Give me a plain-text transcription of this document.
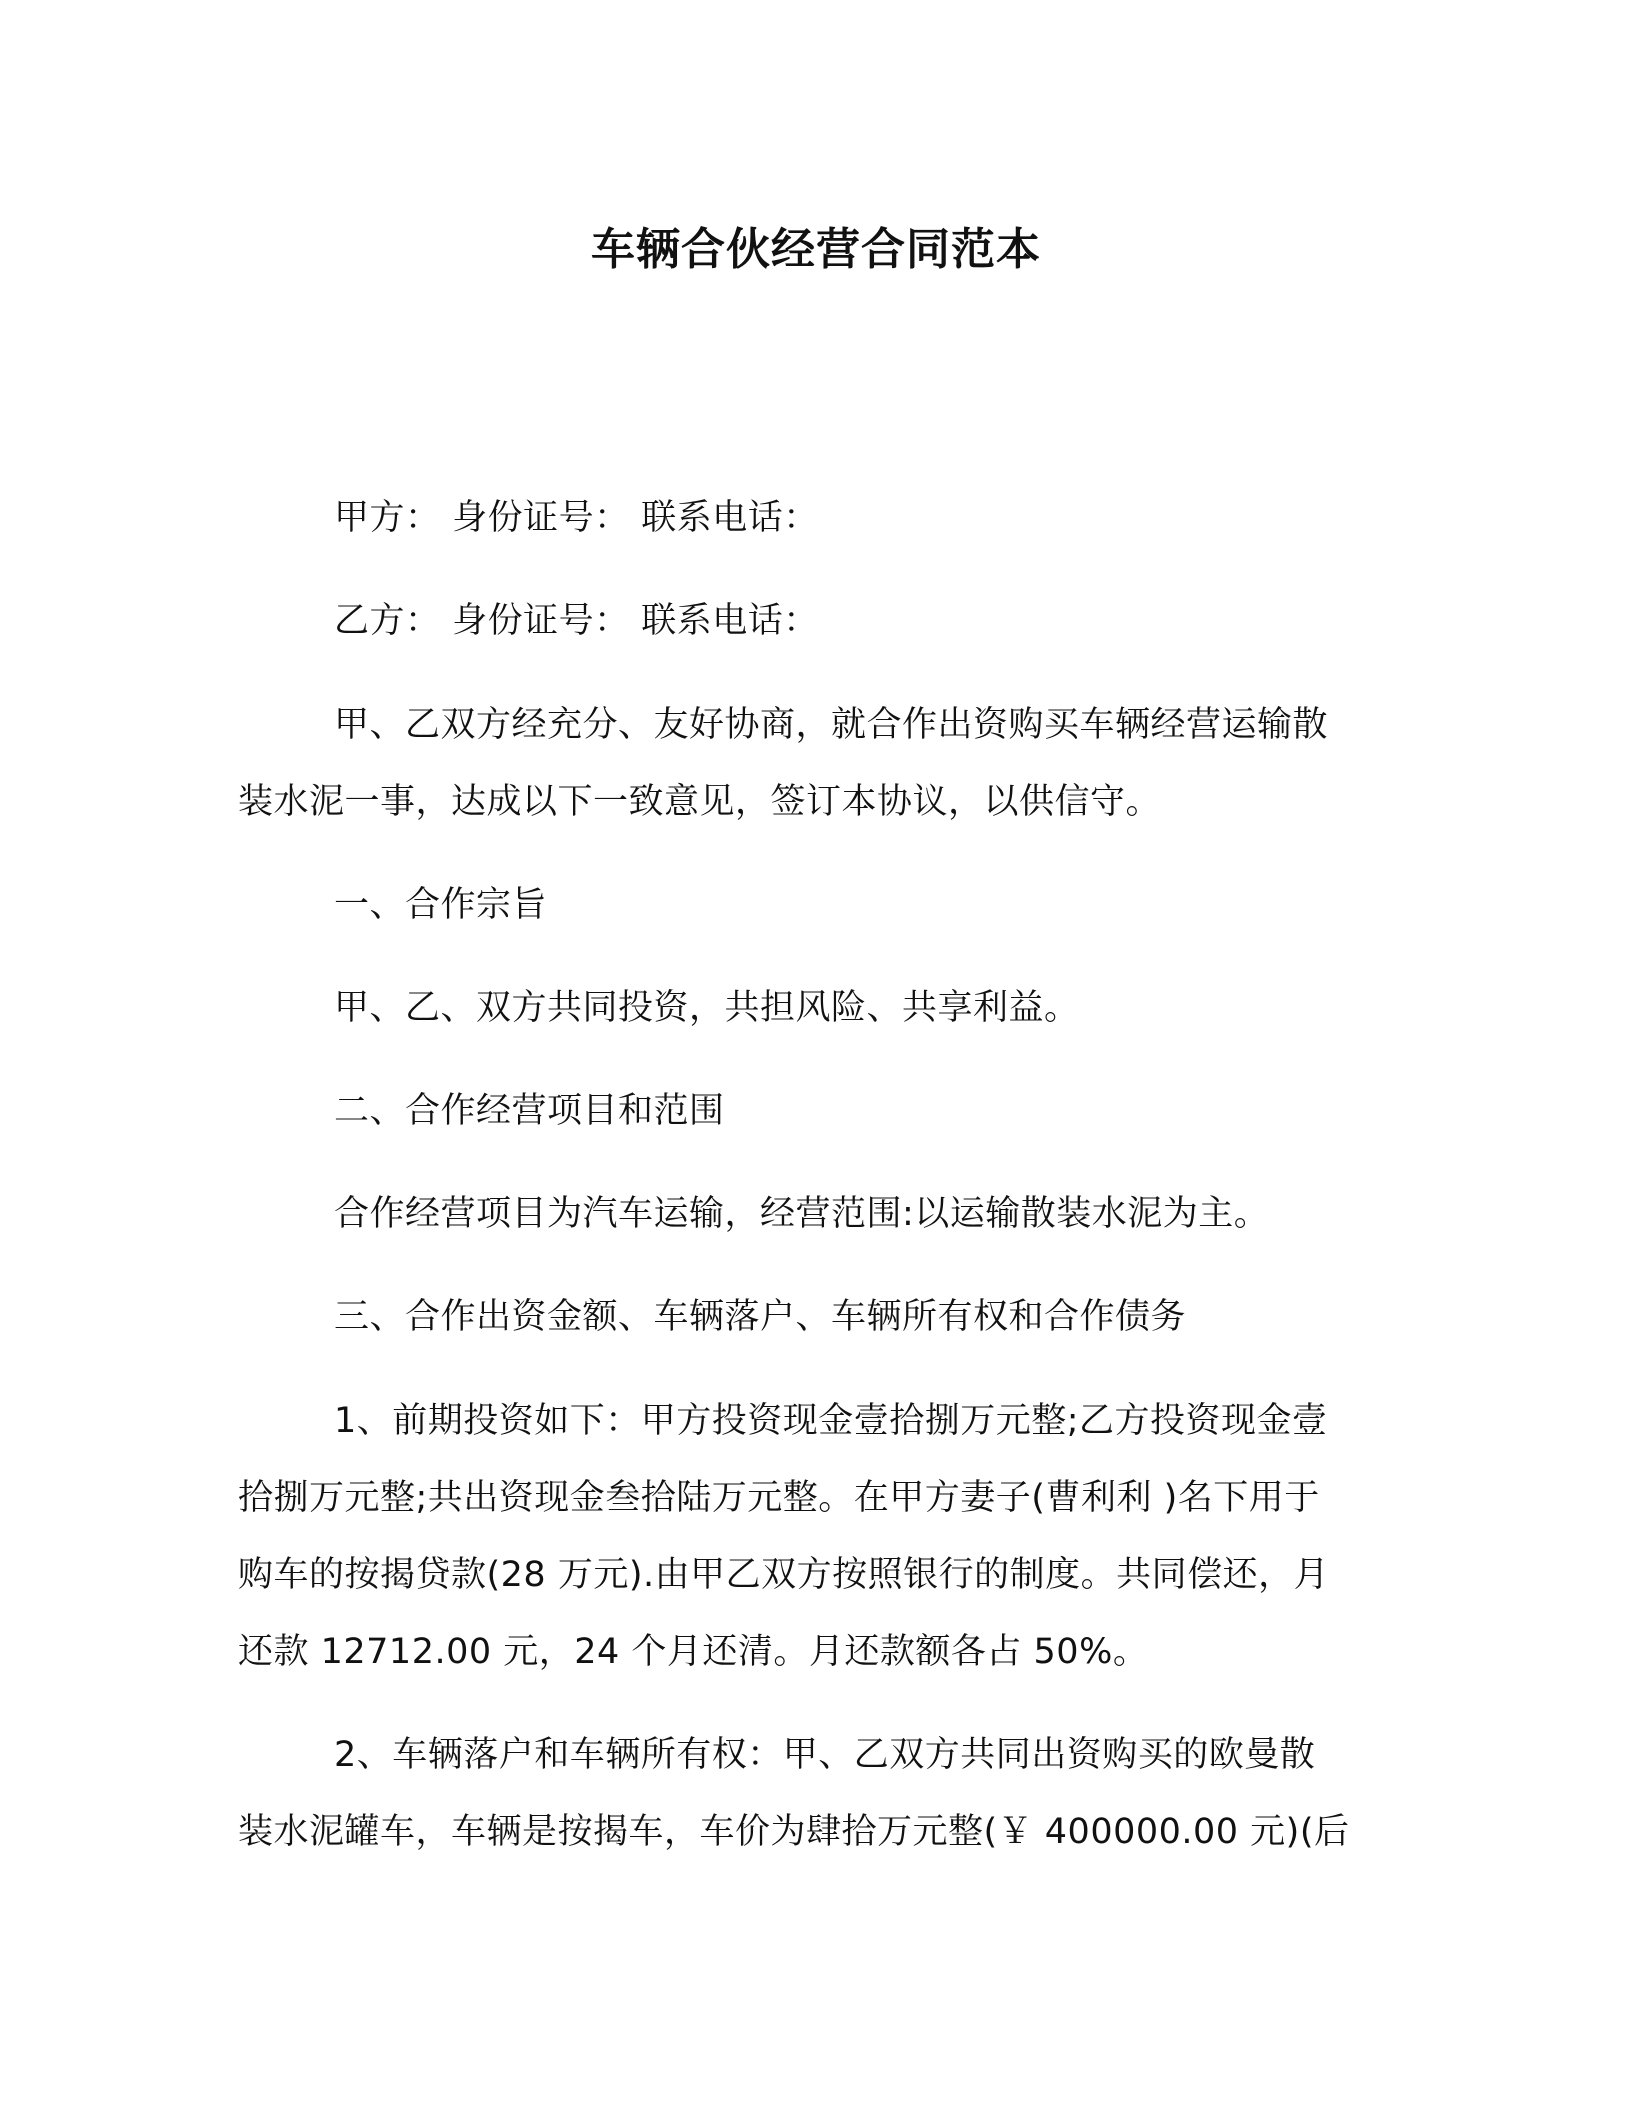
车辆合伙经营合同范本
甲方： 身份证号： 联系电话：
乙方： 身份证号： 联系电话：
甲、乙双方经充分、友好协商，就合作出资购买车辆经营运输散
装水泥一事，达成以下一致意见，签订本协议，以供信守。
一、合作宗旨
甲、乙、双方共同投资，共担风险、共享利益。
二、合作经营项目和范围
合作经营项目为汽车运输，经营范围:以运输散装水泥为主。
三、合作出资金额、车辆落户、车辆所有权和合作债务
1、前期投资如下：甲方投资现金壹拾捌万元整;乙方投资现金壹
拾捌万元整;共出资现金叁拾陆万元整。在甲方妻子(曹利利 )名下用于
购车的按揭贷款(28 万元).由甲乙双方按照银行的制度。共同偿还，月
还款 12712.00 元，24 个月还清。月还款额各占 50%。
2、车辆落户和车辆所有权：甲、乙双方共同出资购买的欧曼散
装水泥罐车，车辆是按揭车，车价为肆拾万元整(￥ 400000.00 元)(后
